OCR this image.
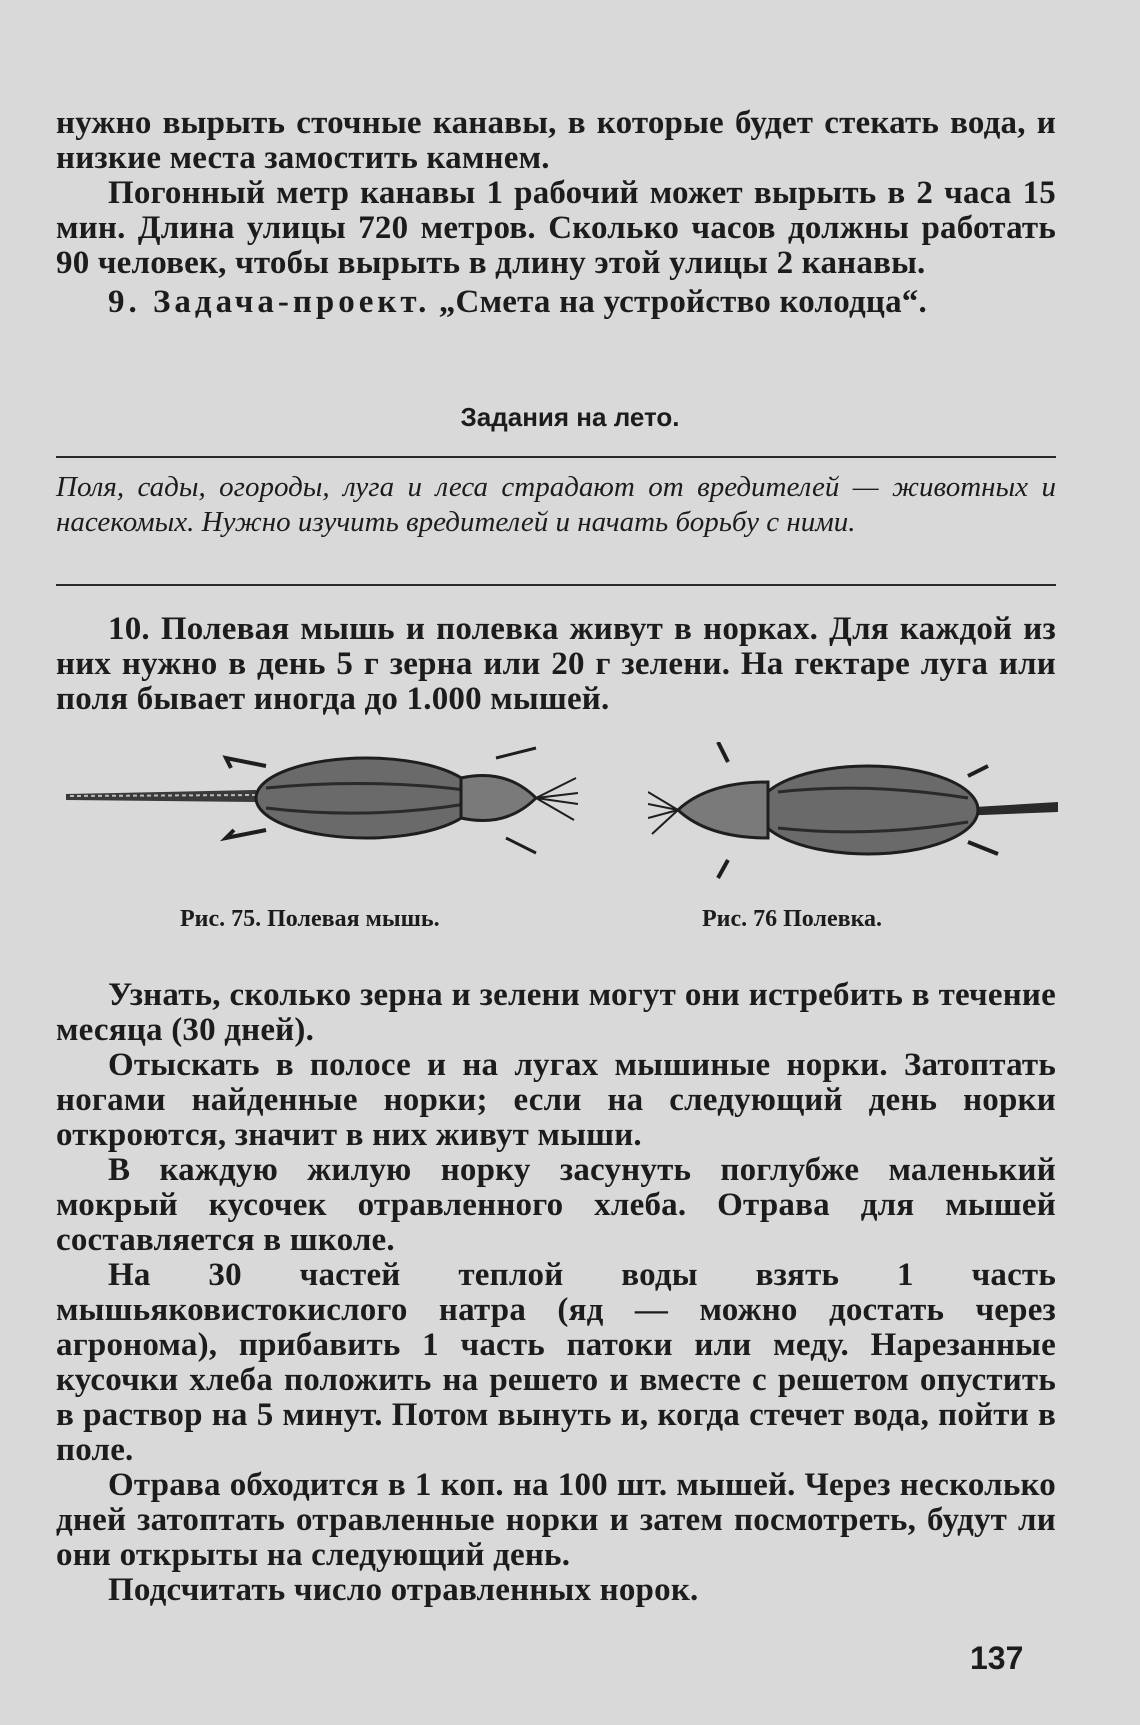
нужно вырыть сточные канавы, в которые будет стекать вода, и низкие места замостить камнем.

Погонный метр канавы 1 рабочий может вырыть в 2 часа 15 мин. Длина улицы 720 метров. Сколько часов должны работать 90 человек, чтобы вырыть в длину этой улицы 2 канавы.

9. Задача-проект. „Смета на устройство колодца“.

Задания на лето.
Поля, сады, огороды, луга и леса страдают от вредителей — животных и насекомых. Нужно изучить вредителей и начать борьбу с ними.

10. Полевая мышь и полевка живут в норках. Для каждой из них нужно в день 5 г зерна или 20 г зелени. На гектаре луга или поля бывает иногда до 1.000 мышей.

Рис. 75. Полевая мышь.	Рис. 76 Полевка.

Узнать, сколько зерна и зелени могут они истребить в течение месяца (30 дней).

Отыскать в полосе и на лугах мышиные норки. Затоптать ногами найденные норки; если на следующий день норки откроются, значит в них живут мыши.

В каждую жилую норку засунуть поглубже маленький мокрый кусочек отравленного хлеба. Отрава для мышей составляется в школе.

На 30 частей теплой воды взять 1 часть мышьяковистокислого натра (яд — можно достать через агронома), прибавить 1 часть патоки или меду. Нарезанные кусочки хлеба положить на решето и вместе с решетом опустить в раствор на 5 минут. Потом вынуть и, когда стечет вода, пойти в поле.

Отрава обходится в 1 коп. на 100 шт. мышей. Через несколько дней затоптать отравленные норки и затем посмотреть, будут ли они открыты на следующий день.

Подсчитать число отравленных норок.

137
